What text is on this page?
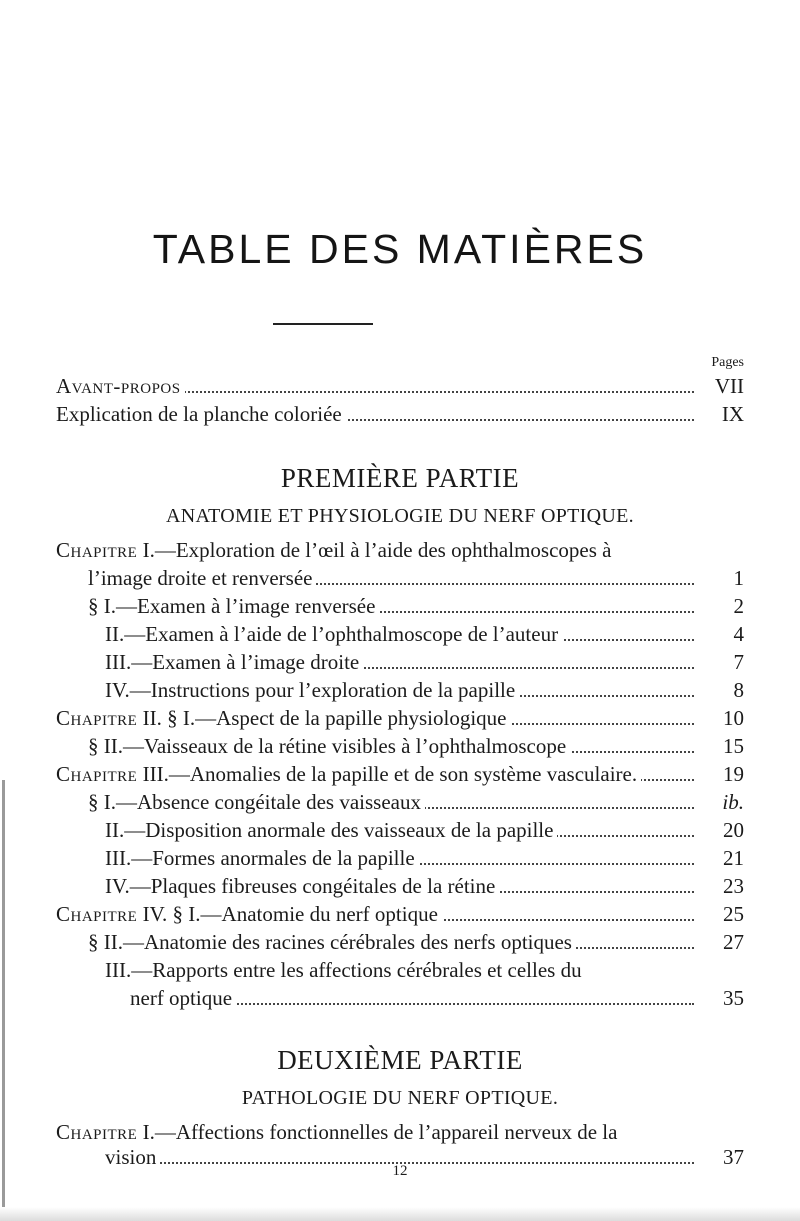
TABLE DES MATIÈRES
Pages
Avant-propos	VII
Explication de la planche coloriée	IX
PREMIÈRE PARTIE
ANATOMIE ET PHYSIOLOGIE DU NERF OPTIQUE.
Chapitre I.—Exploration de l’œil à l’aide des ophthalmoscopes à
l’image droite et renversée	1
§ I.—Examen à l’image renversée	2
II.—Examen à l’aide de l’ophthalmoscope de l’auteur	4
III.—Examen à l’image droite	7
IV.—Instructions pour l’exploration de la papille	8
Chapitre II. § I.—Aspect de la papille physiologique	10
§ II.—Vaisseaux de la rétine visibles à l’ophthalmoscope	15
Chapitre III.—Anomalies de la papille et de son système vasculaire.	19
§ I.—Absence congéitale des vaisseaux	ib.
II.—Disposition anormale des vaisseaux de la papille	20
III.—Formes anormales de la papille	21
IV.—Plaques fibreuses congéitales de la rétine	23
Chapitre IV. § I.—Anatomie du nerf optique	25
§ II.—Anatomie des racines cérébrales des nerfs optiques	27
III.—Rapports entre les affections cérébrales et celles du
nerf optique	35
DEUXIÈME PARTIE
PATHOLOGIE DU NERF OPTIQUE.
Chapitre I.—Affections fonctionnelles de l’appareil nerveux de la
vision	37
12
